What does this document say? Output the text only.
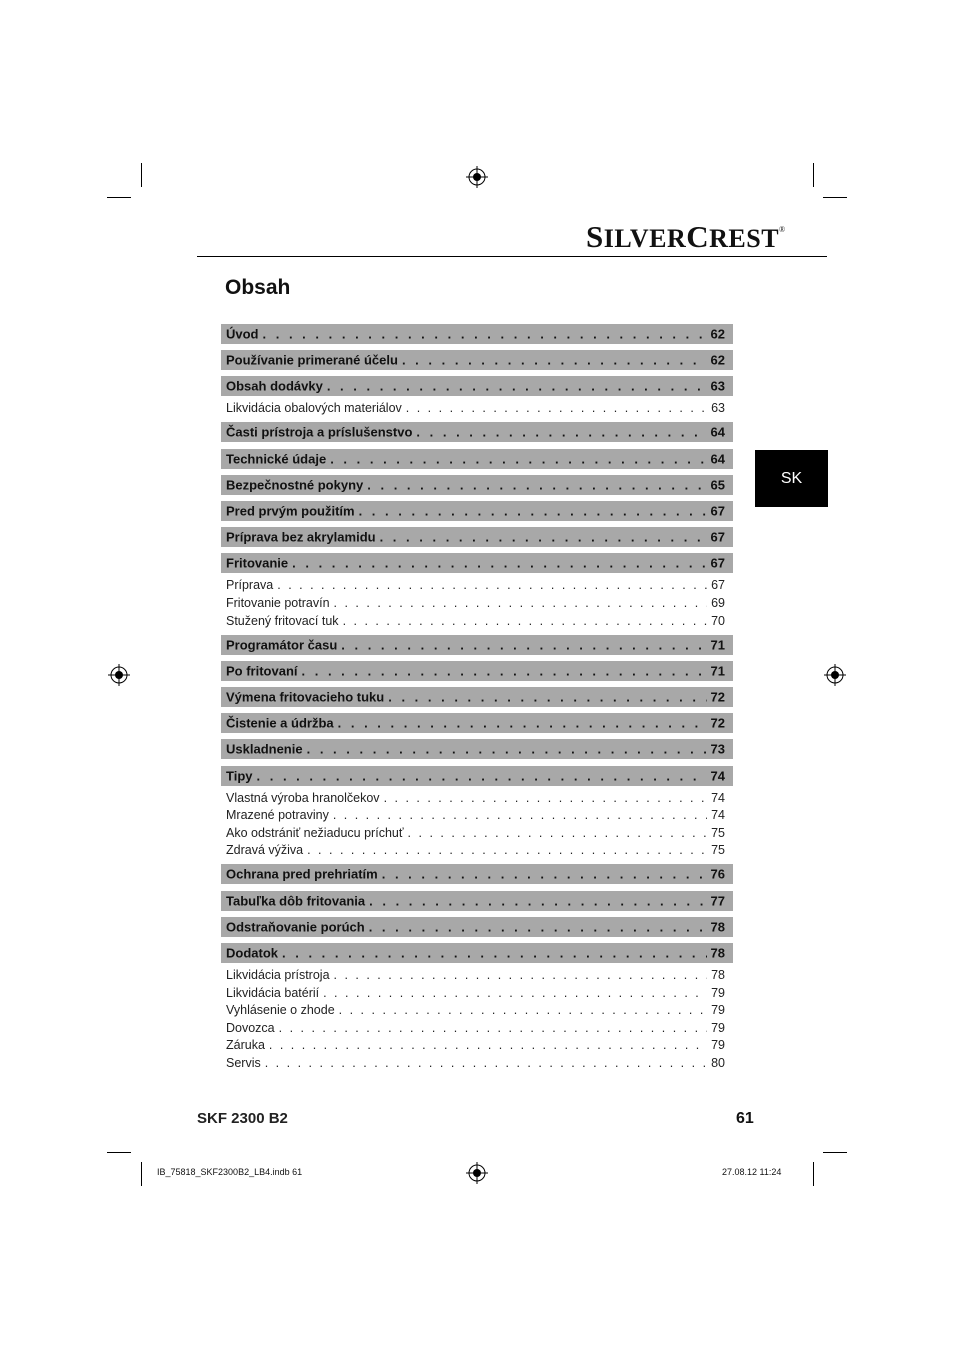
SILVERCREST®
Obsah
SK
Úvod . . .	62
Používanie primerané účelu . . .	62
Obsah dodávky . . .	63
Likvidácia obalových materiálov . . .	63
Časti prístroja a príslušenstvo . . .	64
Technické údaje . . .	64
Bezpečnostné pokyny . . .	65
Pred prvým použitím . . .	67
Príprava bez akrylamidu . . .	67
Fritovanie . . .	67
Príprava . . .	67
Fritovanie potravín . . .	69
Stužený fritovací tuk . . .	70
Programátor času . . .	71
Po fritovaní . . .	71
Výmena fritovacieho tuku . . .	72
Čistenie a údržba . . .	72
Uskladnenie . . .	73
Tipy . . .	74
Vlastná výroba hranolčekov . . .	74
Mrazené potraviny . . .	74
Ako odstrániť nežiaducu príchuť . . .	75
Zdravá výživa . . .	75
Ochrana pred prehriatím . . .	76
Tabuľka dôb fritovania . . .	77
Odstraňovanie porúch . . .	78
Dodatok . . .	78
Likvidácia prístroja . . .	78
Likvidácia batérií . . .	79
Vyhlásenie o zhode . . .	79
Dovozca . . .	79
Záruka . . .	79
Servis . . .	80
SKF 2300 B2	61
IB_75818_SKF2300B2_LB4.indb 61	27.08.12 11:24
